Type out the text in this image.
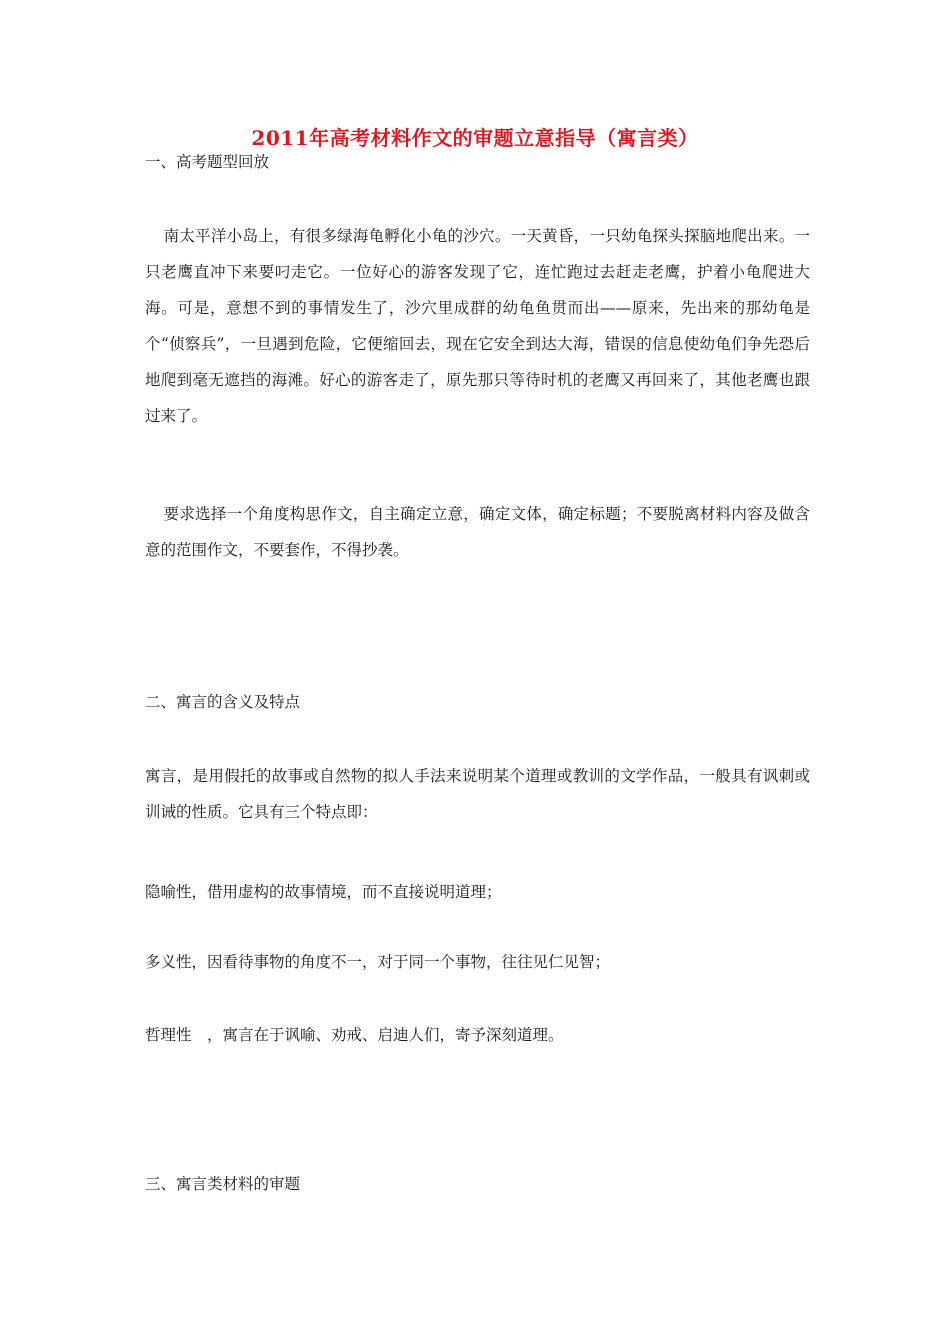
2011年高考材料作文的审题立意指导（寓言类）
一、高考题型回放
南太平洋小岛上，有很多绿海龟孵化小龟的沙穴。一天黄昏，一只幼龟探头探脑地爬出来。一只老鹰直冲下来要叼走它。一位好心的游客发现了它，连忙跑过去赶走老鹰，护着小龟爬进大海。可是，意想不到的事情发生了，沙穴里成群的幼龟鱼贯而出——原来，先出来的那幼龟是个“侦察兵”，一旦遇到危险，它便缩回去，现在它安全到达大海，错误的信息使幼龟们争先恐后地爬到毫无遮挡的海滩。好心的游客走了，原先那只等待时机的老鹰又再回来了，其他老鹰也跟过来了。
要求选择一个角度构思作文，自主确定立意，确定文体，确定标题；不要脱离材料内容及做含意的范围作文，不要套作，不得抄袭。
二、寓言的含义及特点
寓言，是用假托的故事或自然物的拟人手法来说明某个道理或教训的文学作品，一般具有讽刺或训诫的性质。它具有三个特点即：
隐喻性，借用虚构的故事情境，而不直接说明道理；
多义性，因看待事物的角度不一，对于同一个事物，往往见仁见智；
哲理性　，寓言在于讽喻、劝戒、启迪人们，寄予深刻道理。
三、寓言类材料的审题
